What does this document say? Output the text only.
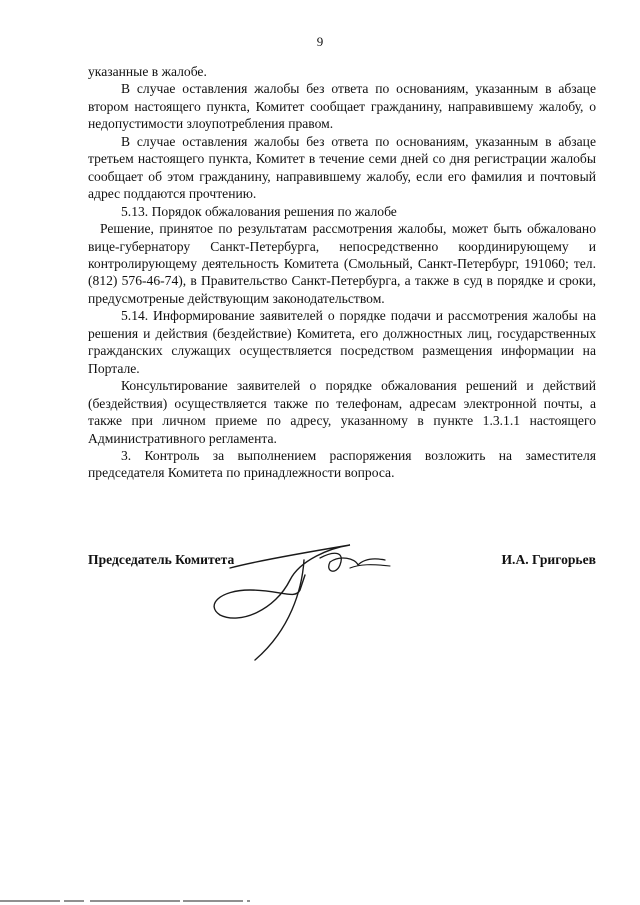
9

указанные в жалобе.

В случае оставления жалобы без ответа по основаниям, указанным в абзаце втором настоящего пункта, Комитет сообщает гражданину, направившему жалобу, о недопустимости злоупотребления правом.

В случае оставления жалобы без ответа по основаниям, указанным в абзаце третьем настоящего пункта, Комитет в течение семи дней со дня регистрации жалобы сообщает об этом гражданину, направившему жалобу, если его фамилия и почтовый адрес поддаются прочтению.

5.13. Порядок обжалования решения по жалобе

Решение, принятое по результатам рассмотрения жалобы, может быть обжаловано вице-губернатору Санкт-Петербурга, непосредственно координирующему и контролирующему деятельность Комитета (Смольный, Санкт-Петербург, 191060; тел. (812) 576-46-74), в Правительство Санкт-Петербурга, а также в суд в порядке и сроки, предусмотреные действующим законодательством.

5.14. Информирование заявителей о порядке подачи и рассмотрения жалобы на решения и действия (бездействие) Комитета, его должностных лиц, государственных гражданских служащих осуществляется посредством размещения информации на Портале.

Консультирование заявителей о порядке обжалования решений и действий (бездействия) осуществляется также по телефонам, адресам электронной почты, а также при личном приеме по адресу, указанному в пункте 1.3.1.1 настоящего Административного регламента.

3. Контроль за выполнением распоряжения возложить на заместителя председателя Комитета по принадлежности вопроса.

Председатель Комитета	И.А. Григорьев
